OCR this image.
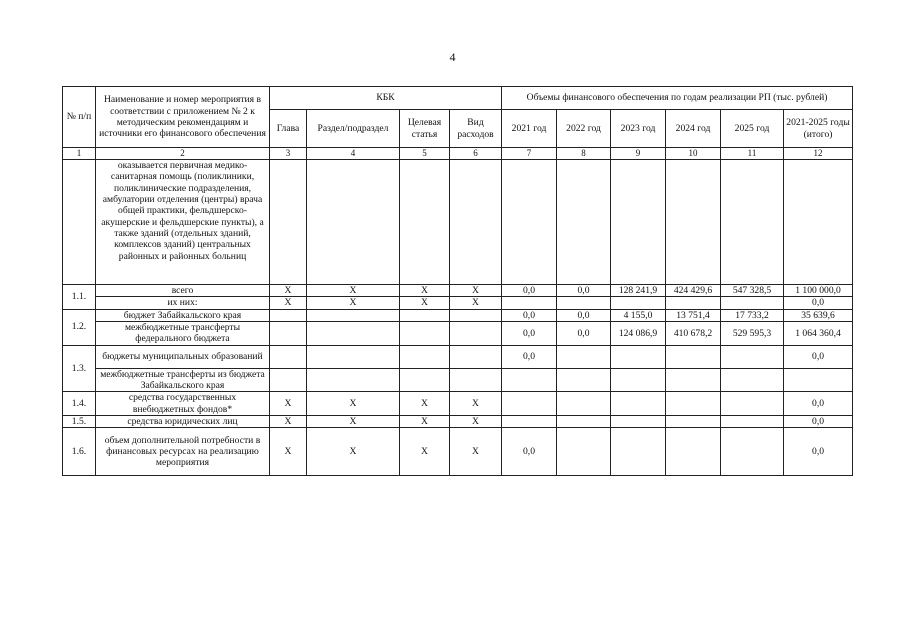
4
№ п/п	Наименование и номер мероприятия в соответствии с приложением № 2 к методическим рекомендациям и источники его финансового обеспечения	КБК				Объемы финансового обеспечения по годам реализации РП (тыс. рублей)					
		Глава	Раздел/подраздел	Целевая статья	Вид расходов	2021 год	2022 год	2023 год	2024 год	2025 год	2021-2025 годы (итого)
1	2	3	4	5	6	7	8	9	10	11	12
	оказывается первичная медико-санитарная помощь (поликлиники, поликлинические подразделения, амбулатории отделения (центры) врача общей практики, фельдшерско-акушерские и фельдшерские пункты), а также зданий (отдельных зданий, комплексов зданий) центральных районных и районных больниц										
1.1.	всего	X	X	X	X	0,0	0,0	128 241,9	424 429,6	547 328,5	1 100 000,0
	их них:	X	X	X	X						0,0
1.2.	бюджет Забайкальского края					0,0	0,0	4 155,0	13 751,4	17 733,2	35 639,6
	межбюджетные трансферты федерального бюджета					0,0	0,0	124 086,9	410 678,2	529 595,3	1 064 360,4
1.3.	бюджеты муниципальных образований					0,0					0,0
	межбюджетные трансферты из бюджета Забайкальского края										
1.4.	средства государственных внебюджетных фондов*	X	X	X	X						0,0
1.5.	средства юридических лиц	X	X	X	X						0,0
1.6.	объем дополнительной потребности в финансовых ресурсах на реализацию мероприятия	X	X	X	X	0,0					0,0
